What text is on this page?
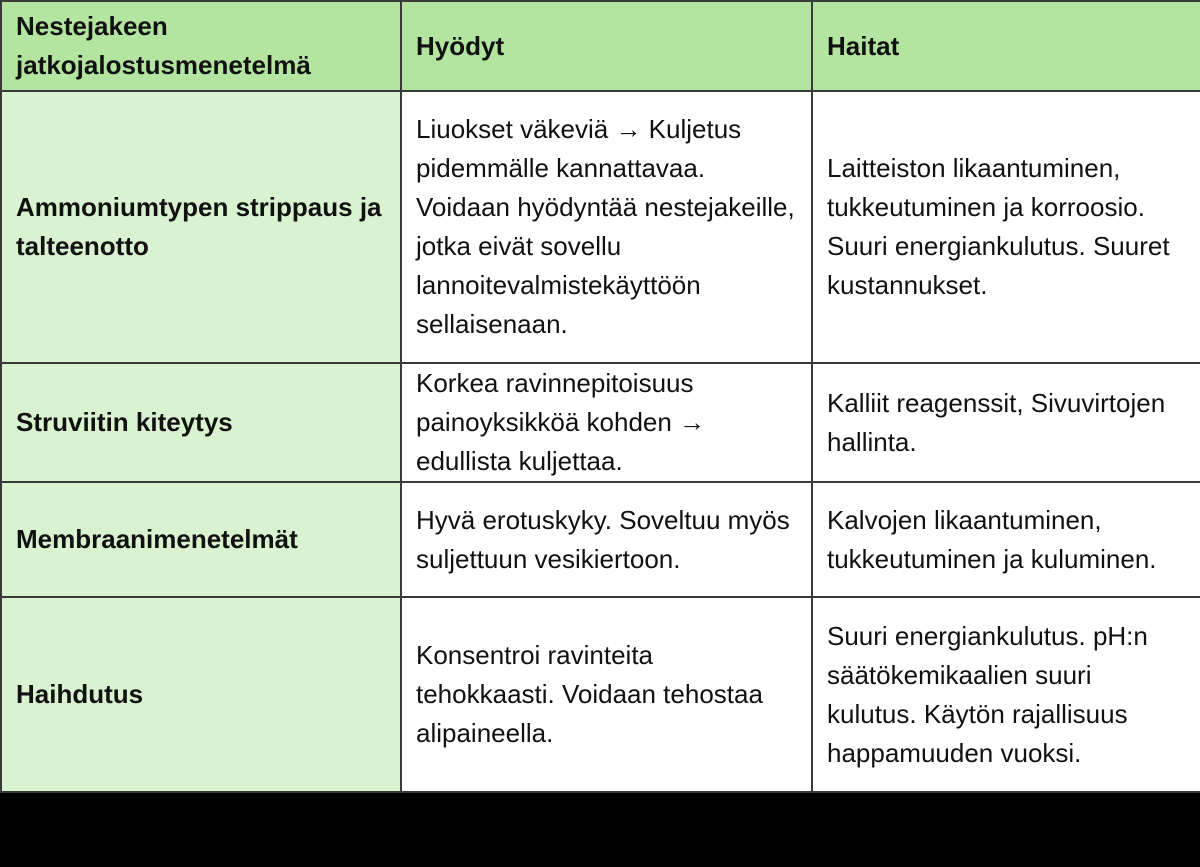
Nestejakeen jatkojalostusmenetelmä	Hyödyt	Haitat
Ammoniumtypen strippaus ja talteenotto	Liuokset väkeviä → Kuljetus pidemmälle kannattavaa. Voidaan hyödyntää nestejakeille, jotka eivät sovellu lannoitevalmistekäyttöön sellaisenaan.	Laitteiston likaantuminen, tukkeutuminen ja korroosio. Suuri energiankulutus. Suuret kustannukset.
Struviitin kiteytys	Korkea ravinnepitoisuus painoyksikköä kohden → edullista kuljettaa.	Kalliit reagenssit, Sivuvirtojen hallinta.
Membraanimenetelmät	Hyvä erotuskyky. Soveltuu myös suljettuun vesikiertoon.	Kalvojen likaantuminen, tukkeutuminen ja kuluminen.
Haihdutus	Konsentroi ravinteita tehokkaasti. Voidaan tehostaa alipaineella.	Suuri energiankulutus. pH:n säätökemikaalien suuri kulutus. Käytön rajallisuus happamuuden vuoksi.
